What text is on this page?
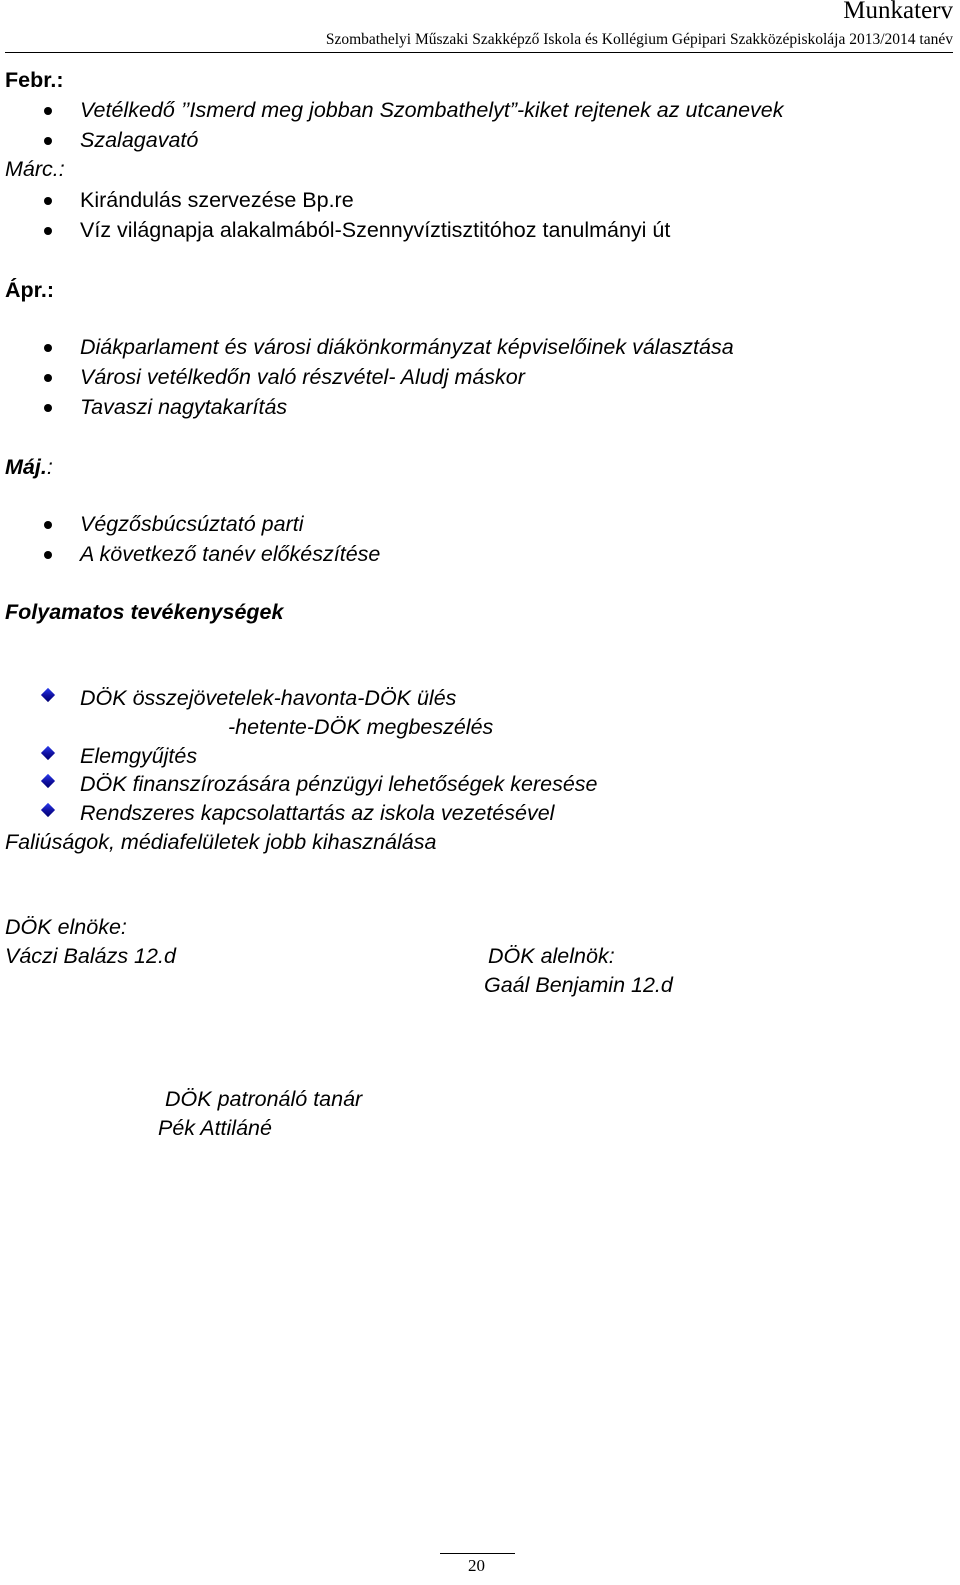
Munkaterv
Szombathelyi Műszaki Szakképző Iskola és Kollégium Gépipari Szakközépiskolája 2013/2014 tanév
Febr.:
Vetélkedő ’’Ismerd meg jobban Szombathelyt”-kiket rejtenek az utcanevek
Szalagavató
Márc.:
Kirándulás szervezése Bp.re
Víz világnapja alakalmából-Szennyvíztisztitóhoz tanulmányi út
Ápr.:
Diákparlament és városi diákönkormányzat képviselőinek választása
Városi vetélkedőn való részvétel- Aludj máskor
Tavaszi nagytakarítás
Máj.:
Végzősbúcsúztató parti
A következő tanév előkészítése
Folyamatos tevékenységek
DÖK összejövetelek-havonta-DÖK ülés
-hetente-DÖK megbeszélés
Elemgyűjtés
DÖK finanszírozására pénzügyi lehetőségek keresése
Rendszeres kapcsolattartás az iskola vezetésével
Faliúságok, médiafelületek jobb kihasználása
DÖK elnöke:
Váczi Balázs 12.d	DÖK alelnök:
Gaál Benjamin 12.d
DÖK patronáló tanár
Pék Attiláné
20
